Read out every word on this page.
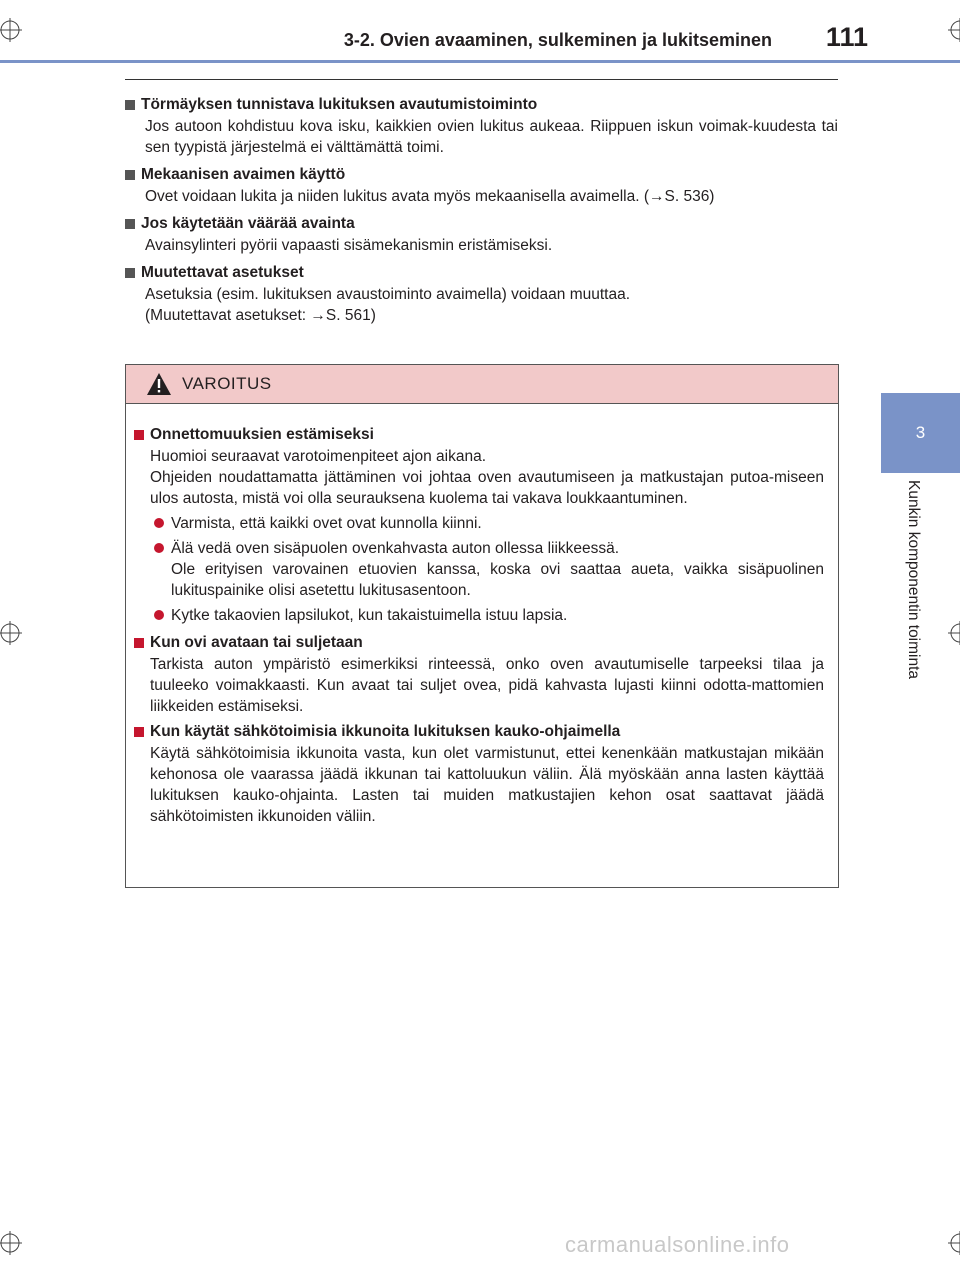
3-2. Ovien avaaminen, sulkeminen ja lukitseminen 111
3
Kunkin komponentin toiminta
Törmäyksen tunnistava lukituksen avautumistoiminto
Jos autoon kohdistuu kova isku, kaikkien ovien lukitus aukeaa. Riippuen iskun voimak-kuudesta tai sen tyypistä järjestelmä ei välttämättä toimi.
Mekaanisen avaimen käyttö
Ovet voidaan lukita ja niiden lukitus avata myös mekaanisella avaimella. (→S. 536)
Jos käytetään väärää avainta
Avainsylinteri pyörii vapaasti sisämekanismin eristämiseksi.
Muutettavat asetukset
Asetuksia (esim. lukituksen avaustoiminto avaimella) voidaan muuttaa.
(Muutettavat asetukset: →S. 561)
VAROITUS
Onnettomuuksien estämiseksi
Huomioi seuraavat varotoimenpiteet ajon aikana.
Ohjeiden noudattamatta jättäminen voi johtaa oven avautumiseen ja matkustajan putoa-miseen ulos autosta, mistä voi olla seurauksena kuolema tai vakava loukkaantuminen.
Varmista, että kaikki ovet ovat kunnolla kiinni.
Älä vedä oven sisäpuolen ovenkahvasta auton ollessa liikkeessä.
Ole erityisen varovainen etuovien kanssa, koska ovi saattaa aueta, vaikka sisäpuolinen lukituspainike olisi asetettu lukitusasentoon.
Kytke takaovien lapsilukot, kun takaistuimella istuu lapsia.
Kun ovi avataan tai suljetaan
Tarkista auton ympäristö esimerkiksi rinteessä, onko oven avautumiselle tarpeeksi tilaa ja tuuleeko voimakkaasti. Kun avaat tai suljet ovea, pidä kahvasta lujasti kiinni odotta-mattomien liikkeiden estämiseksi.
Kun käytät sähkötoimisia ikkunoita lukituksen kauko-ohjaimella
Käytä sähkötoimisia ikkunoita vasta, kun olet varmistunut, ettei kenenkään matkustajan mikään kehonosa ole vaarassa jäädä ikkunan tai kattoluukun väliin. Älä myöskään anna lasten käyttää lukituksen kauko-ohjainta. Lasten tai muiden matkustajien kehon osat saattavat jäädä sähkötoimisten ikkunoiden väliin.
carmanualsonline.info
